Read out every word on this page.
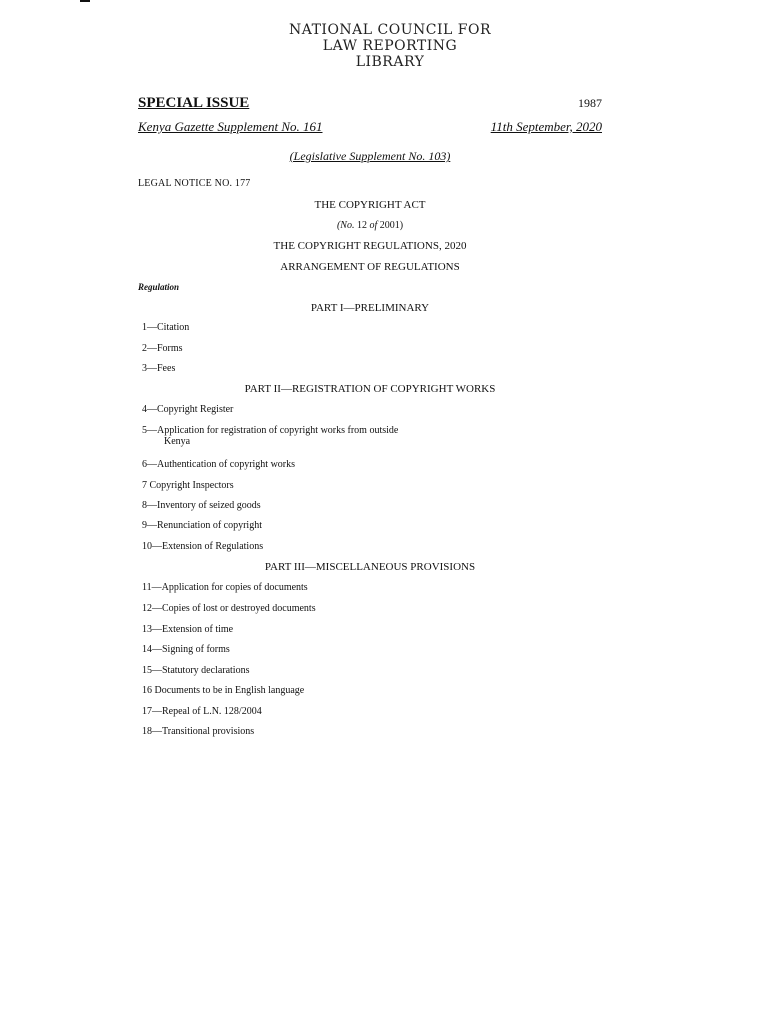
NATIONAL COUNCIL FOR
LAW REPORTING
LIBRARY
SPECIAL ISSUE	1987
Kenya Gazette Supplement No. 161	11th September, 2020
(Legislative Supplement No. 103)
LEGAL NOTICE NO. 177
THE COPYRIGHT ACT
(No. 12 of 2001)
THE COPYRIGHT REGULATIONS, 2020
ARRANGEMENT OF REGULATIONS
Regulation
PART I—PRELIMINARY
1—Citation
2—Forms
3—Fees
PART II—REGISTRATION OF COPYRIGHT WORKS
4—Copyright Register
5—Application for registration of copyright works from outside
Kenya
6—Authentication of copyright works
7 Copyright Inspectors
8—Inventory of seized goods
9—Renunciation of copyright
10—Extension of Regulations
PART III—MISCELLANEOUS PROVISIONS
11—Application for copies of documents
12—Copies of lost or destroyed documents
13—Extension of time
14—Signing of forms
15—Statutory declarations
16 Documents to be in English language
17—Repeal of L.N. 128/2004
18—Transitional provisions
